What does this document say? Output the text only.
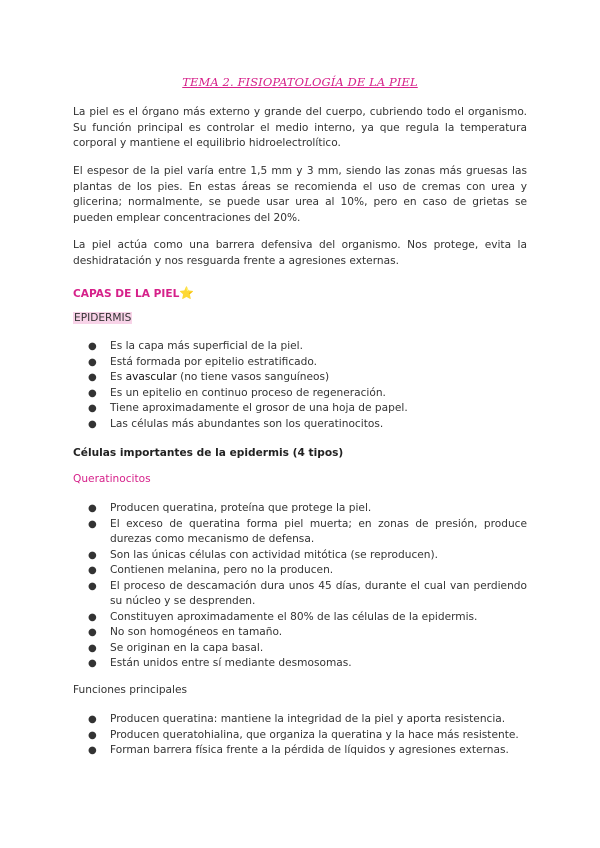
TEMA 2. FISIOPATOLOGÍA DE LA PIEL

La piel es el órgano más externo y grande del cuerpo, cubriendo todo el organismo. Su función principal es controlar el medio interno, ya que regula la temperatura corporal y mantiene el equilibrio hidroelectrolítico.

El espesor de la piel varía entre 1,5 mm y 3 mm, siendo las zonas más gruesas las plantas de los pies. En estas áreas se recomienda el uso de cremas con urea y glicerina; normalmente, se puede usar urea al 10%, pero en caso de grietas se pueden emplear concentraciones del 20%.

La piel actúa como una barrera defensiva del organismo. Nos protege, evita la deshidratación y nos resguarda frente a agresiones externas.

CAPAS DE LA PIEL⭐
EPIDERMIS
● Es la capa más superficial de la piel.
● Está formada por epitelio estratificado.
● Es avascular (no tiene vasos sanguíneos)
● Es un epitelio en continuo proceso de regeneración.
● Tiene aproximadamente el grosor de una hoja de papel.
● Las células más abundantes son los queratinocitos.
Células importantes de la epidermis (4 tipos)
Queratinocitos
● Producen queratina, proteína que protege la piel.
● El exceso de queratina forma piel muerta; en zonas de presión, produce durezas como mecanismo de defensa.
● Son las únicas células con actividad mitótica (se reproducen).
● Contienen melanina, pero no la producen.
● El proceso de descamación dura unos 45 días, durante el cual van perdiendo su núcleo y se desprenden.
● Constituyen aproximadamente el 80% de las células de la epidermis.
● No son homogéneos en tamaño.
● Se originan en la capa basal.
● Están unidos entre sí mediante desmosomas.
Funciones principales
● Producen queratina: mantiene la integridad de la piel y aporta resistencia.
● Producen queratohialina, que organiza la queratina y la hace más resistente.
● Forman barrera física frente a la pérdida de líquidos y agresiones externas.
